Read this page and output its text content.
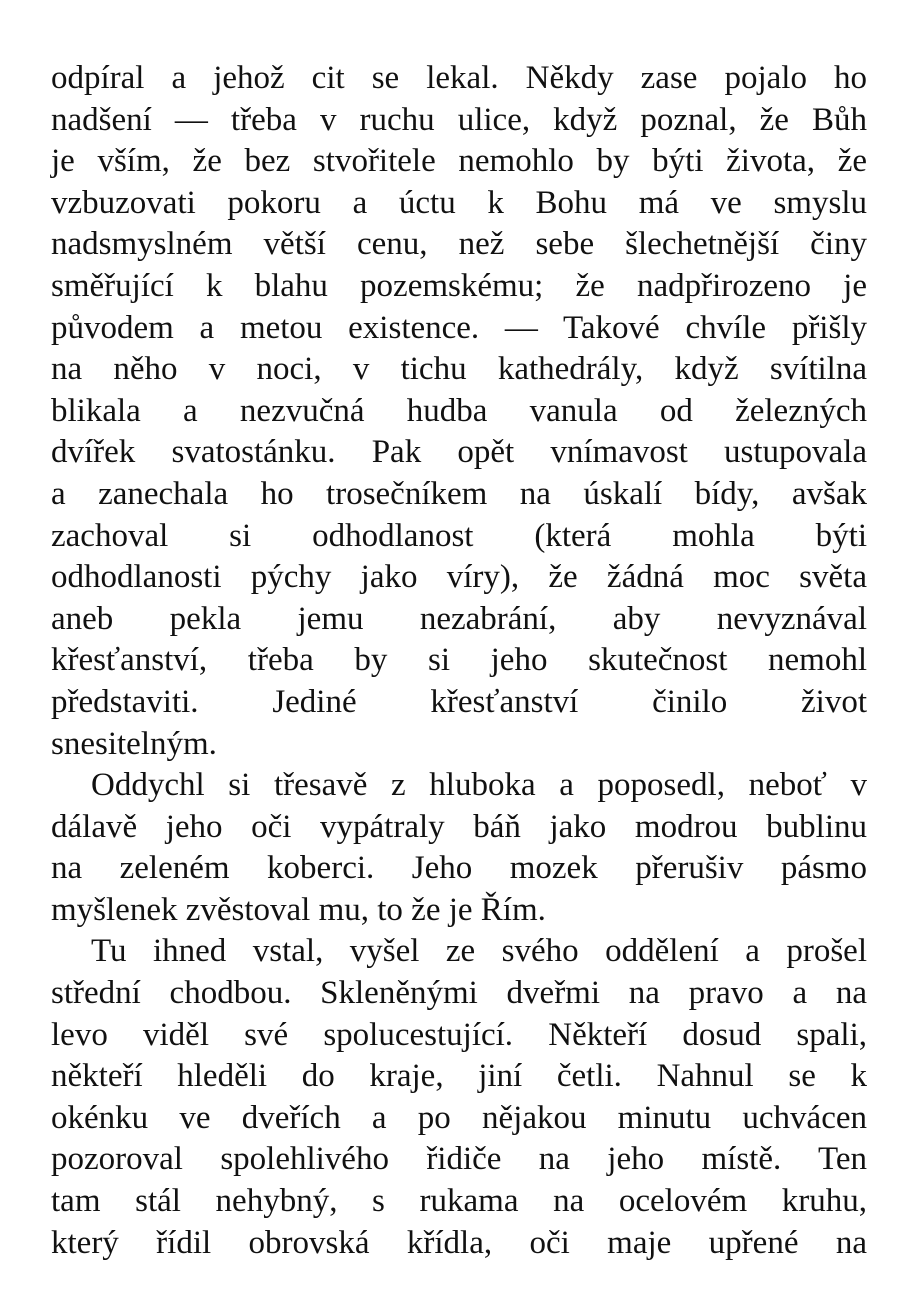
odpíral a jehož cit se lekal. Někdy zase pojalo ho
nadšení — třeba v ruchu ulice, když poznal, že Bůh
je vším, že bez stvořitele nemohlo by býti života, že
vzbuzovati pokoru a úctu k Bohu má ve smyslu
nadsmyslném větší cenu, než sebe šlechetnější činy
směřující k blahu pozemskému; že nadpřirozeno je
původem a metou existence. — Takové chvíle přišly
na něho v noci, v tichu kathedrály, když svítilna
blikala a nezvučná hudba vanula od železných
dvířek svatostánku. Pak opět vnímavost ustupovala
a zanechala ho trosečníkem na úskalí bídy, avšak
zachoval si odhodlanost (která mohla býti
odhodlanosti pýchy jako víry), že žádná moc světa
aneb pekla jemu nezabrání, aby nevyznával
křesťanství, třeba by si jeho skutečnost nemohl
představiti. Jediné křesťanství činilo život
snesitelným.

Oddychl si třesavě z hluboka a poposedl, neboť v
dálavě jeho oči vypátraly báň jako modrou bublinu
na zeleném koberci. Jeho mozek přerušiv pásmo
myšlenek zvěstoval mu, to že je Řím.

Tu ihned vstal, vyšel ze svého oddělení a prošel
střední chodbou. Skleněnými dveřmi na pravo a na
levo viděl své spolucestující. Někteří dosud spali,
někteří hleděli do kraje, jiní četli. Nahnul se k
okénku ve dveřích a po nějakou minutu uchvácen
pozoroval spolehlivého řidiče na jeho místě. Ten
tam stál nehybný, s rukama na ocelovém kruhu,
který řídil obrovská křídla, oči maje upřené na
